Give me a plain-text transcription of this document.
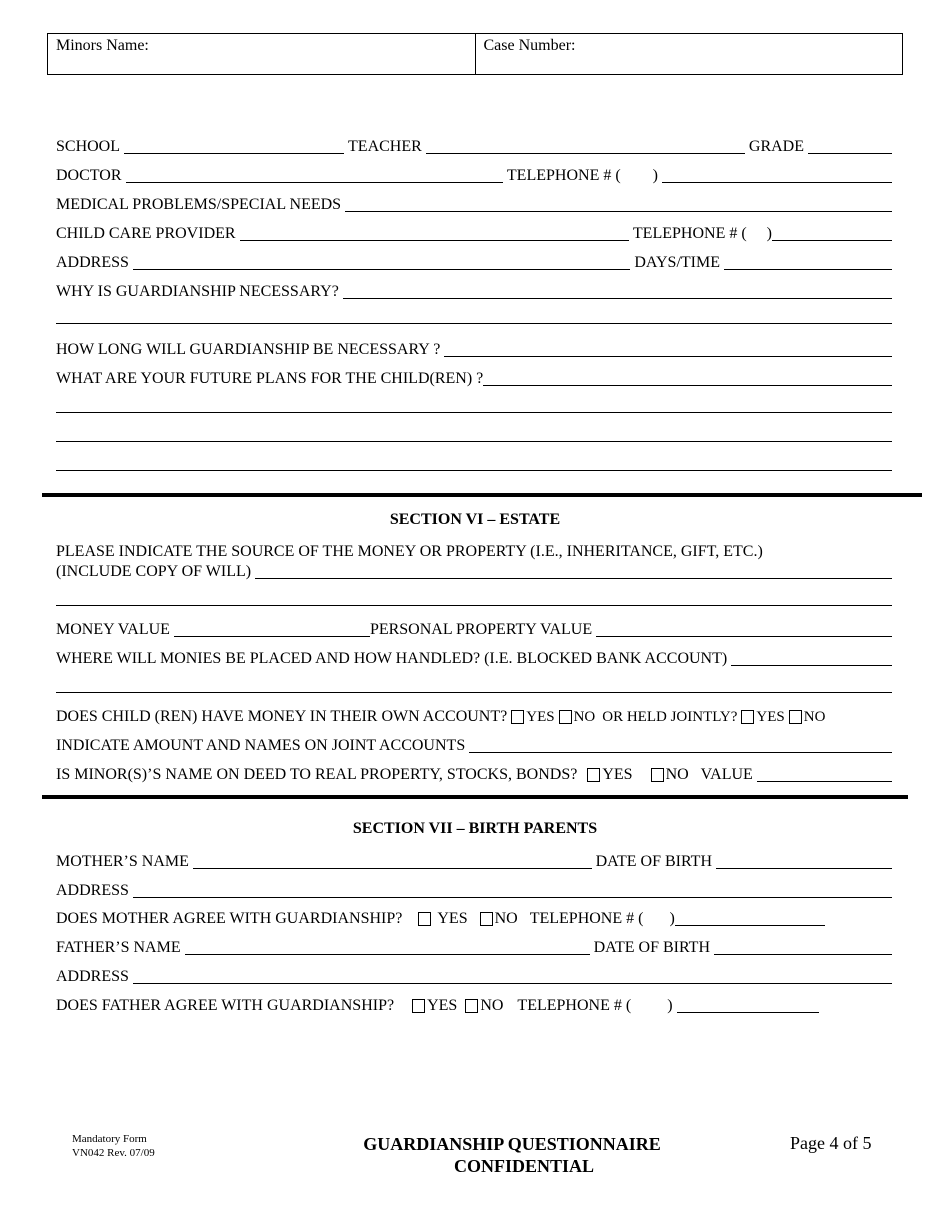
Minors Name:	Case Number:
SCHOOL	TEACHER	GRADE
DOCTOR	TELEPHONE # ( )
MEDICAL PROBLEMS/SPECIAL NEEDS
CHILD CARE PROVIDER	TELEPHONE # ( )
ADDRESS	DAYS/TIME
WHY IS GUARDIANSHIP NECESSARY?
HOW LONG WILL GUARDIANSHIP BE NECESSARY ?
WHAT ARE YOUR FUTURE PLANS FOR THE CHILD(REN) ?
SECTION VI – ESTATE
PLEASE INDICATE THE SOURCE OF THE MONEY OR PROPERTY (I.E., INHERITANCE, GIFT, ETC.)
(INCLUDE COPY OF WILL)
MONEY VALUE	PERSONAL PROPERTY VALUE
WHERE WILL MONIES BE PLACED AND HOW HANDLED? (I.E. BLOCKED BANK ACCOUNT)
DOES CHILD (REN) HAVE MONEY IN THEIR OWN ACCOUNT? YES NO OR HELD JOINTLY? YES NO
INDICATE AMOUNT AND NAMES ON JOINT ACCOUNTS
IS MINOR(S)’S NAME ON DEED TO REAL PROPERTY, STOCKS, BONDS? YES NO VALUE
SECTION VII – BIRTH PARENTS
MOTHER’S NAME	DATE OF BIRTH
ADDRESS
DOES MOTHER AGREE WITH GUARDIANSHIP? YES NO TELEPHONE # ( )
FATHER’S NAME	DATE OF BIRTH
ADDRESS
DOES FATHER AGREE WITH GUARDIANSHIP? YES NO TELEPHONE # ( )
Mandatory Form
VN042 Rev. 07/09	GUARDIANSHIP QUESTIONNAIRE
CONFIDENTIAL
Page 4 of 5
